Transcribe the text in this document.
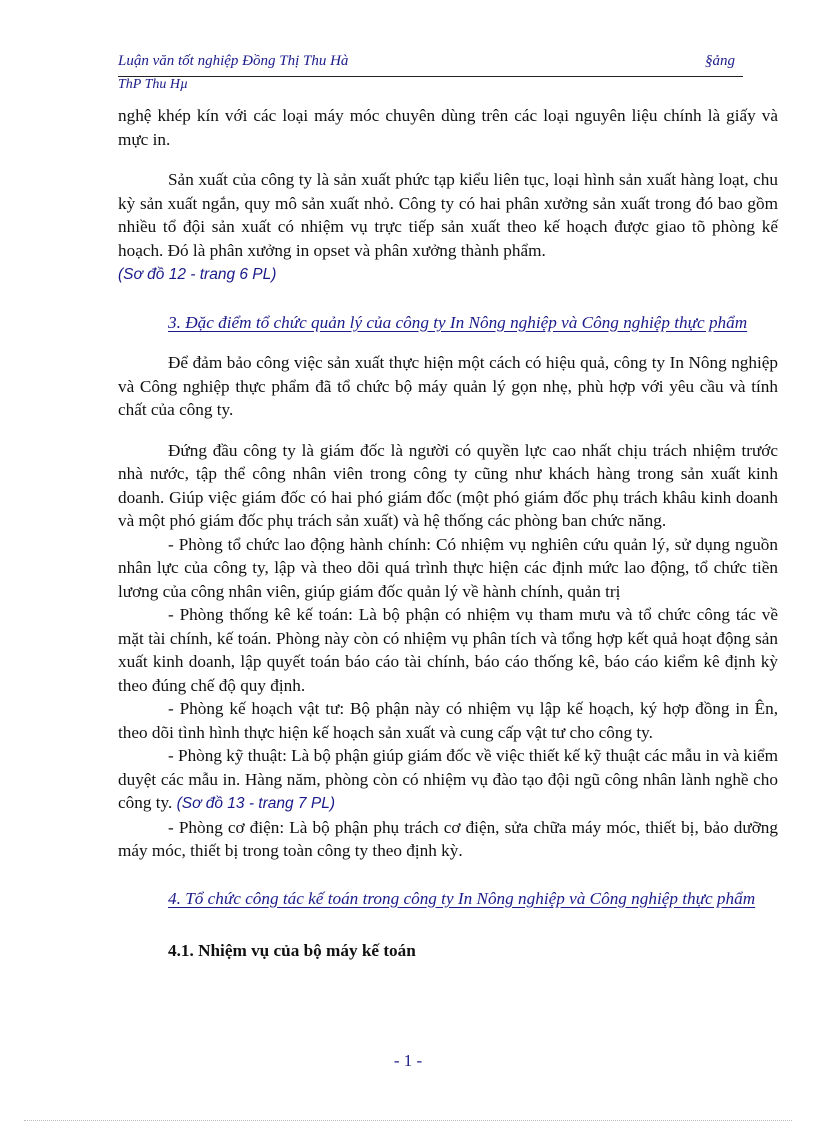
Luận văn tốt nghiệp Đồng Thị Thu Hà	§ảng
ThP Thu Hµ

nghệ khép kín với các loại máy móc chuyên dùng trên các loại nguyên liệu chính là giấy và mực in.

Sản xuất của công ty là sản xuất phức tạp kiểu liên tục, loại hình sản xuất hàng loạt, chu kỳ sản xuất ngắn, quy mô sản xuất nhỏ. Công ty có hai phân xưởng sản xuất trong đó bao gồm nhiều tổ đội sản xuất có nhiệm vụ trực tiếp sản xuất theo kế hoạch được giao tõ phòng kế hoạch. Đó là phân xưởng in opset và phân xưởng thành phẩm.
(Sơ đồ 12 - trang 6 PL)

3. Đặc điểm tổ chức quản lý của công ty In Nông nghiệp và Công nghiệp thực phẩm

Để đảm bảo công việc sản xuất thực hiện một cách có hiệu quả, công ty In Nông nghiệp và Công nghiệp thực phẩm đã tổ chức bộ máy quản lý gọn nhẹ, phù hợp với yêu cầu và tính chất của công ty.

Đứng đầu công ty là giám đốc là người có quyền lực cao nhất chịu trách nhiệm trước nhà nước, tập thể công nhân viên trong công ty cũng như khách hàng trong sản xuất kinh doanh. Giúp việc giám đốc có hai phó giám đốc (một phó giám đốc phụ trách khâu kinh doanh và một phó giám đốc phụ trách sản xuất) và hệ thống các phòng ban chức năng.

- Phòng tổ chức lao động hành chính: Có nhiệm vụ nghiên cứu quản lý, sử dụng nguồn nhân lực của công ty, lập và theo dõi quá trình thực hiện các định mức lao động, tổ chức tiền lương của công nhân viên, giúp giám đốc quản lý về hành chính, quản trị

- Phòng thống kê kế toán: Là bộ phận có nhiệm vụ tham mưu và tổ chức công tác về mặt tài chính, kế toán. Phòng này còn có nhiệm vụ phân tích và tổng hợp kết quả hoạt động sản xuất kinh doanh, lập quyết toán báo cáo tài chính, báo cáo thống kê, báo cáo kiểm kê định kỳ theo đúng chế độ quy định.

- Phòng kế hoạch vật tư: Bộ phận này có nhiệm vụ lập kế hoạch, ký hợp đồng in Ên, theo dõi tình hình thực hiện kế hoạch sản xuất và cung cấp vật tư cho công ty.

- Phòng kỹ thuật: Là bộ phận giúp giám đốc về việc thiết kế kỹ thuật các mẫu in và kiểm duyệt các mẫu in. Hàng năm, phòng còn có nhiệm vụ đào tạo đội ngũ công nhân lành nghề cho công ty. (Sơ đồ 13 - trang 7 PL)

- Phòng cơ điện: Là bộ phận phụ trách cơ điện, sửa chữa máy móc, thiết bị, bảo dưỡng máy móc, thiết bị trong toàn công ty theo định kỳ.

4. Tổ chức công tác kế toán trong công ty In Nông nghiệp và Công nghiệp thực phẩm

4.1. Nhiệm vụ của bộ máy kế toán

- 1 -
